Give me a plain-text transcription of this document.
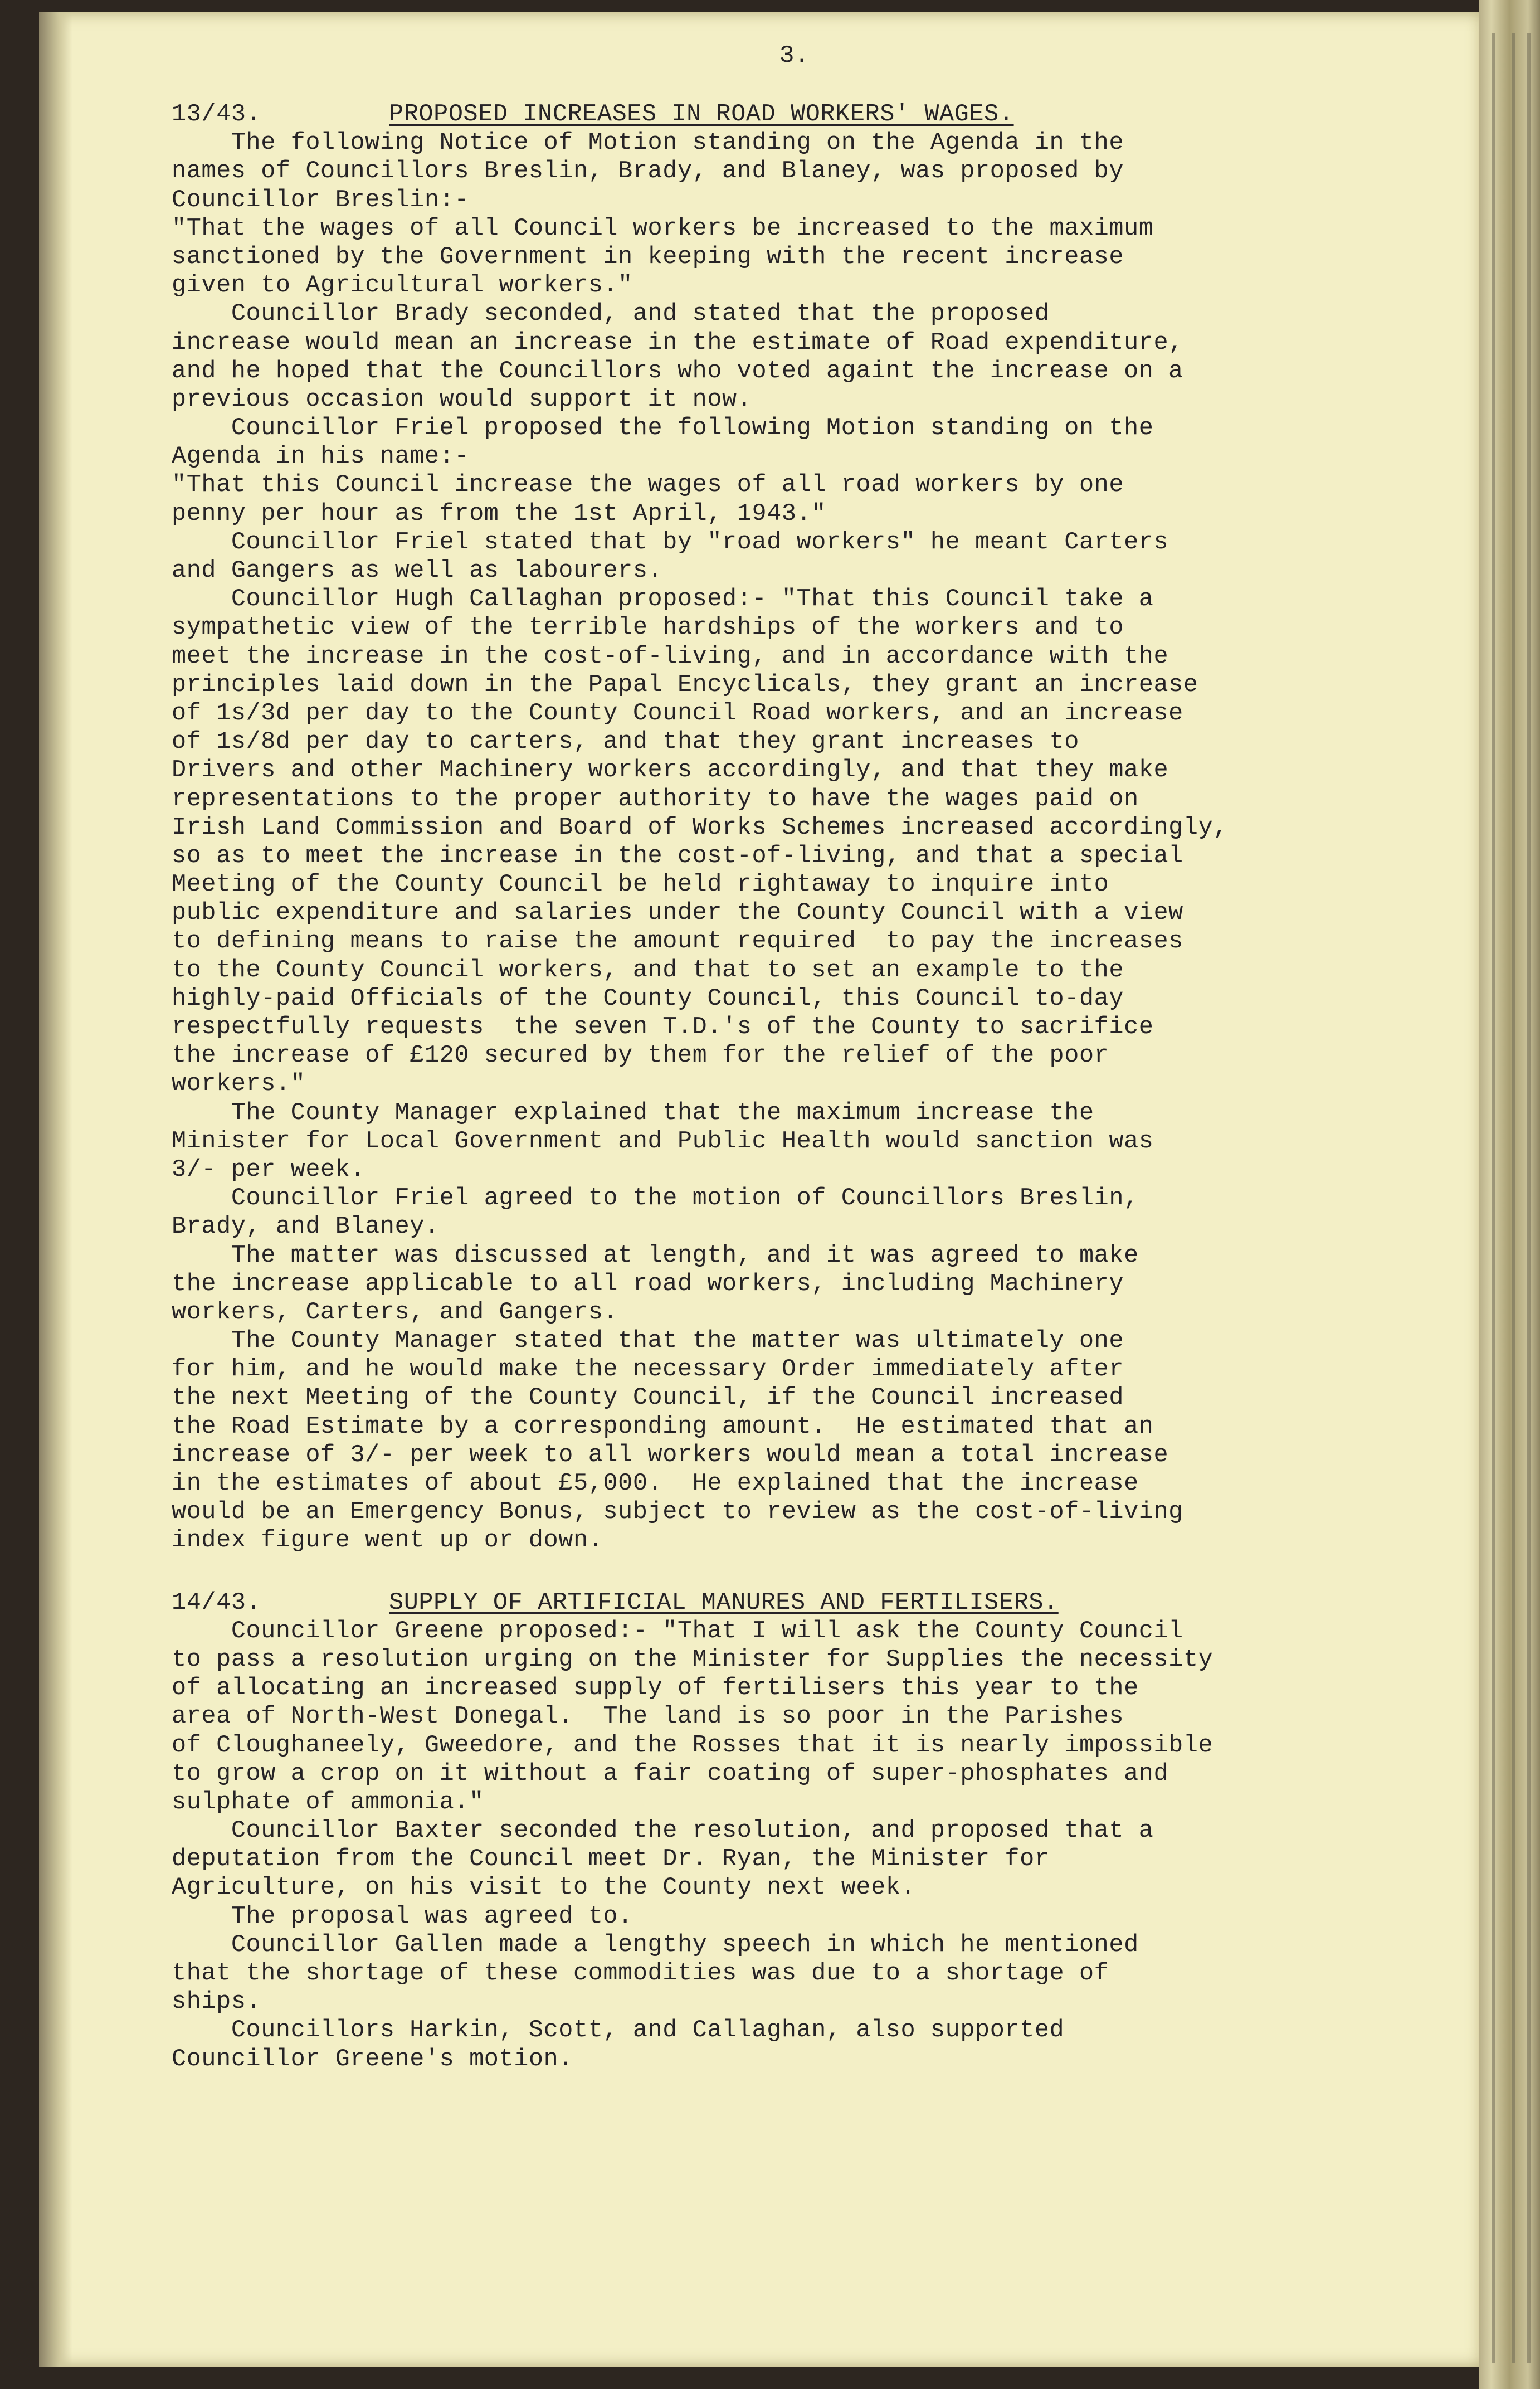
3.
13/43.	PROPOSED INCREASES IN ROAD WORKERS' WAGES.
The following Notice of Motion standing on the Agenda in the
names of Councillors Breslin, Brady, and Blaney, was proposed by
Councillor Breslin:-
"That the wages of all Council workers be increased to the maximum
sanctioned by the Government in keeping with the recent increase
given to Agricultural workers."
Councillor Brady seconded, and stated that the proposed
increase would mean an increase in the estimate of Road expenditure,
and he hoped that the Councillors who voted againt the increase on a
previous occasion would support it now.
Councillor Friel proposed the following Motion standing on the
Agenda in his name:-
"That this Council increase the wages of all road workers by one
penny per hour as from the 1st April, 1943."
Councillor Friel stated that by "road workers" he meant Carters
and Gangers as well as labourers.
Councillor Hugh Callaghan proposed:- "That this Council take a
sympathetic view of the terrible hardships of the workers and to
meet the increase in the cost-of-living, and in accordance with the
principles laid down in the Papal Encyclicals, they grant an increase
of 1s/3d per day to the County Council Road workers, and an increase
of 1s/8d per day to carters, and that they grant increases to
Drivers and other Machinery workers accordingly, and that they make
representations to the proper authority to have the wages paid on
Irish Land Commission and Board of Works Schemes increased accordingly,
so as to meet the increase in the cost-of-living, and that a special
Meeting of the County Council be held rightaway to inquire into
public expenditure and salaries under the County Council with a view
to defining means to raise the amount required  to pay the increases
to the County Council workers, and that to set an example to the
highly-paid Officials of the County Council, this Council to-day
respectfully requests  the seven T.D.'s of the County to sacrifice
the increase of £120 secured by them for the relief of the poor
workers."
The County Manager explained that the maximum increase the
Minister for Local Government and Public Health would sanction was
3/- per week.
Councillor Friel agreed to the motion of Councillors Breslin,
Brady, and Blaney.
The matter was discussed at length, and it was agreed to make
the increase applicable to all road workers, including Machinery
workers, Carters, and Gangers.
The County Manager stated that the matter was ultimately one
for him, and he would make the necessary Order immediately after
the next Meeting of the County Council, if the Council increased
the Road Estimate by a corresponding amount.  He estimated that an
increase of 3/- per week to all workers would mean a total increase
in the estimates of about £5,000.  He explained that the increase
would be an Emergency Bonus, subject to review as the cost-of-living
index figure went up or down.
14/43.	SUPPLY OF ARTIFICIAL MANURES AND FERTILISERS.
Councillor Greene proposed:- "That I will ask the County Council
to pass a resolution urging on the Minister for Supplies the necessity
of allocating an increased supply of fertilisers this year to the
area of North-West Donegal.  The land is so poor in the Parishes
of Cloughaneely, Gweedore, and the Rosses that it is nearly impossible
to grow a crop on it without a fair coating of super-phosphates and
sulphate of ammonia."
Councillor Baxter seconded the resolution, and proposed that a
deputation from the Council meet Dr. Ryan, the Minister for
Agriculture, on his visit to the County next week.
The proposal was agreed to.
Councillor Gallen made a lengthy speech in which he mentioned
that the shortage of these commodities was due to a shortage of
ships.
Councillors Harkin, Scott, and Callaghan, also supported
Councillor Greene's motion.
